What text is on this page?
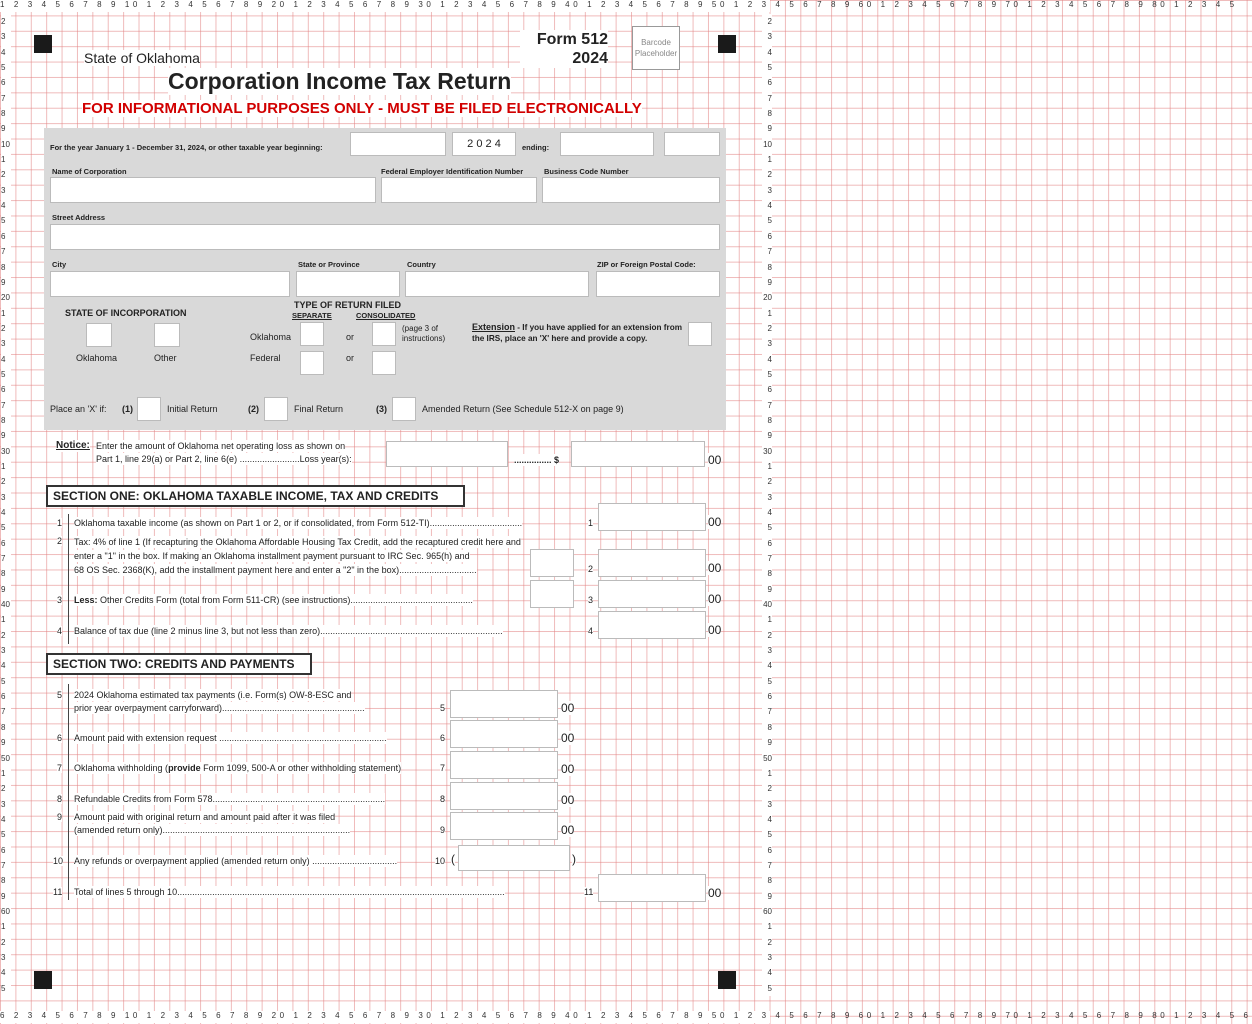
1 2 3 4 5 6 7 8 9 10 1 2 3 4 5 6 7 8 9 20 1 2 3 4 5 6 7 8 9 30 1 2 3 4 5 6 7 8 9 40 1 2 3 4 5 6 7 8 9 50 1 2 3 4 5 6 7 8 9 60 1 2 3 4 5 6 7 8 9 70 1 2 3 4 5 6 7 8 9 80 1 2 3 4 5
6 2 3 4 5 6 7 8 9 10 1 2 3 4 5 6 7 8 9 20 1 2 3 4 5 6 7 8 9 30 1 2 3 4 5 6 7 8 9 40 1 2 3 4 5 6 7 8 9 50 1 2 3 4 5 6 7 8 9 60 1 2 3 4 5 6 7 8 9 70 1 2 3 4 5 6 7 8 9 80 1 2 3 4 5 6
2
3
4
5
6
7
8
9
10
1
2
3
4
5
6
7
8
9
20
1
2
3
4
5
6
7
8
9
30
1
2
3
4
5
6
7
8
9
40
1
2
3
4
5
6
7
8
9
50
1
2
3
4
5
6
7
8
9
60
1
2
3
4
5
2
3
4
5
6
7
8
9
10
1
2
3
4
5
6
7
8
9
20
1
2
3
4
5
6
7
8
9
30
1
2
3
4
5
6
7
8
9
40
1
2
3
4
5
6
7
8
9
50
1
2
3
4
5
6
7
8
9
60
1
2
3
4
5
State of Oklahoma
Form 512
2024
Barcode Placeholder
Corporation Income Tax Return
FOR INFORMATIONAL PURPOSES ONLY - MUST BE FILED ELECTRONICALLY
For the year January 1 - December 31, 2024, or other taxable year beginning:	2 0 2 4	ending:
Name of Corporation	Federal Employer Identification Number	Business Code Number
Street Address
City	State or Province	Country	ZIP or Foreign Postal Code:
STATE OF INCORPORATION
Oklahoma	Other
TYPE OF RETURN FILED
SEPARATE	CONSOLIDATED
Oklahoma	or
(page 3 of instructions)
Federal	or
Extension - If you have applied for an extension from the IRS, place an 'X' here and provide a copy.
Place an 'X' if: (1)	Initial Return	(2)	Final Return	(3)	Amended Return (See Schedule 512-X on page 9)
Notice: Enter the amount of Oklahoma net operating loss as shown on
Part 1, line 29(a) or Part 2, line 6(e) ........................Loss year(s):	............... $	00
SECTION ONE: OKLAHOMA TAXABLE INCOME, TAX AND CREDITS
1 Oklahoma taxable income (as shown on Part 1 or 2, or if consolidated, from Form 512-TI).....................................	1	00
2 Tax: 4% of line 1 (If recapturing the Oklahoma Affordable Housing Tax Credit, add the recaptured credit here and
enter a "1" in the box. If making an Oklahoma installment payment pursuant to IRC Sec. 965(h) and
68 OS Sec. 2368(K), add the installment payment here and enter a "2" in the box)...............................	2	00
3 Less: Other Credits Form (total from Form 511-CR) (see instructions).................................................	3	00
4 Balance of tax due (line 2 minus line 3, but not less than zero).........................................................................	4	00
SECTION TWO: CREDITS AND PAYMENTS
5 2024 Oklahoma estimated tax payments (i.e. Form(s) OW-8-ESC and
prior year overpayment carryforward).........................................................	5	00
6 Amount paid with extension request ...................................................................	6	00
7 Oklahoma withholding (provide Form 1099, 500-A or other withholding statement)	7	00
8 Refundable Credits from Form 578.....................................................................	8	00
9 Amount paid with original return and amount paid after it was filed
(amended return only)...........................................................................	9	00
10 Any refunds or overpayment applied (amended return only) ..................................	10 (	)
11 Total of lines 5 through 10...................................................................................................................................	11	00
